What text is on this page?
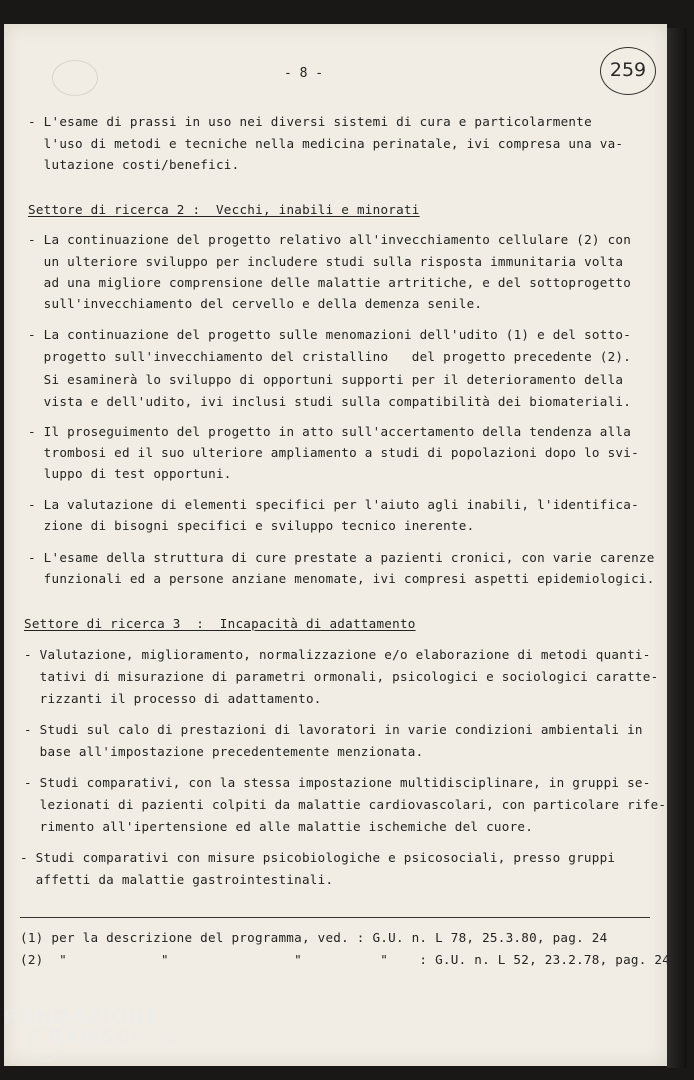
- 8 -	259
- L'esame di prassi in uso nei diversi sistemi di cura e particolarmente
l'uso di metodi e tecniche nella medicina perinatale, ivi compresa una va-
lutazione costi/benefici.
Settore di ricerca 2 :  Vecchi, inabili e minorati
- La continuazione del progetto relativo all'invecchiamento cellulare (2) con
un ulteriore sviluppo per includere studi sulla risposta immunitaria volta
ad una migliore comprensione delle malattie artritiche, e del sottoprogetto
sull'invecchiamento del cervello e della demenza senile.
- La continuazione del progetto sulle menomazioni dell'udito (1) e del sotto-
progetto sull'invecchiamento del cristallino   del progetto precedente (2).
Si esaminerà lo sviluppo di opportuni supporti per il deterioramento della
vista e dell'udito, ivi inclusi studi sulla compatibilità dei biomateriali.
- Il proseguimento del progetto in atto sull'accertamento della tendenza alla
trombosi ed il suo ulteriore ampliamento a studi di popolazioni dopo lo svi-
luppo di test opportuni.
- La valutazione di elementi specifici per l'aiuto agli inabili, l'identifica-
zione di bisogni specifici e sviluppo tecnico inerente.
- L'esame della struttura di cure prestate a pazienti cronici, con varie carenze
funzionali ed a persone anziane menomate, ivi compresi aspetti epidemiologici.
Settore di ricerca 3  :  Incapacità di adattamento
- Valutazione, miglioramento, normalizzazione e/o elaborazione di metodi quanti-
tativi di misurazione di parametri ormonali, psicologici e sociologici caratte-
rizzanti il processo di adattamento.
- Studi sul calo di prestazioni di lavoratori in varie condizioni ambientali in
base all'impostazione precedentemente menzionata.
- Studi comparativi, con la stessa impostazione multidisciplinare, in gruppi se-
lezionati di pazienti colpiti da malattie cardiovascolari, con particolare rife-
rimento all'ipertensione ed alle malattie ischemiche del cuore.
- Studi comparativi con misure psicobiologiche e psicosociali, presso gruppi
affetti da malattie gastrointestinali.
(1) per la descrizione del programma, ved. : G.U. n. L 78, 25.3.80, pag. 24
(2)  "            "                "          "    : G.U. n. L 52, 23.2.78, pag. 24
FONDAZIONE
RAMSCI online
